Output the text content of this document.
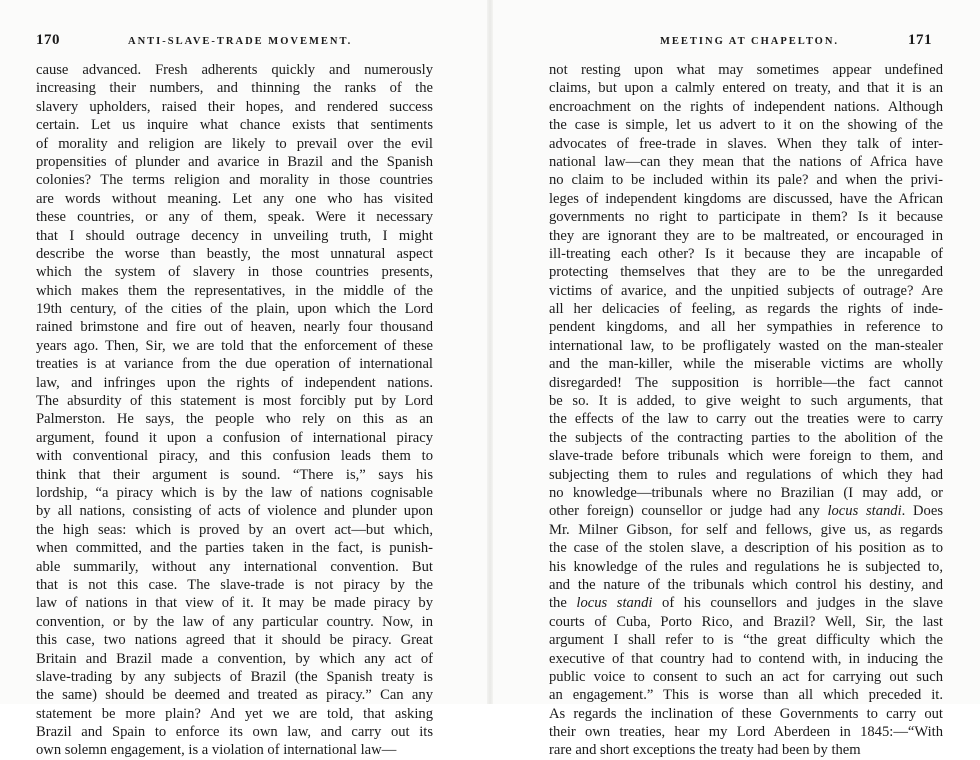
170	ANTI-SLAVE-TRADE MOVEMENT.
cause advanced. Fresh adherents quickly and numerously
increasing their numbers, and thinning the ranks of the
slavery upholders, raised their hopes, and rendered success
certain. Let us inquire what chance exists that sentiments
of morality and religion are likely to prevail over the evil
propensities of plunder and avarice in Brazil and the Spanish
colonies? The terms religion and morality in those countries
are words without meaning. Let any one who has visited
these countries, or any of them, speak. Were it necessary
that I should outrage decency in unveiling truth, I might
describe the worse than beastly, the most unnatural aspect
which the system of slavery in those countries presents,
which makes them the representatives, in the middle of the
19th century, of the cities of the plain, upon which the Lord
rained brimstone and fire out of heaven, nearly four thousand
years ago. Then, Sir, we are told that the enforcement of these
treaties is at variance from the due operation of international
law, and infringes upon the rights of independent nations.
The absurdity of this statement is most forcibly put by Lord
Palmerston. He says, the people who rely on this as an
argument, found it upon a confusion of international piracy
with conventional piracy, and this confusion leads them to
think that their argument is sound. “There is,” says his
lordship, “a piracy which is by the law of nations cognisable
by all nations, consisting of acts of violence and plunder upon
the high seas: which is proved by an overt act—but which,
when committed, and the parties taken in the fact, is punish-
able summarily, without any international convention. But
that is not this case. The slave-trade is not piracy by the
law of nations in that view of it. It may be made piracy by
convention, or by the law of any particular country. Now, in
this case, two nations agreed that it should be piracy. Great
Britain and Brazil made a convention, by which any act of
slave-trading by any subjects of Brazil (the Spanish treaty is
the same) should be deemed and treated as piracy.” Can any
statement be more plain? And yet we are told, that asking
Brazil and Spain to enforce its own law, and carry out its
own solemn engagement, is a violation of international law—
MEETING AT CHAPELTON.	171
not resting upon what may sometimes appear undefined
claims, but upon a calmly entered on treaty, and that it is an
encroachment on the rights of independent nations. Although
the case is simple, let us advert to it on the showing of the
advocates of free-trade in slaves. When they talk of inter-
national law—can they mean that the nations of Africa have
no claim to be included within its pale? and when the privi-
leges of independent kingdoms are discussed, have the African
governments no right to participate in them? Is it because
they are ignorant they are to be maltreated, or encouraged in
ill-treating each other? Is it because they are incapable of
protecting themselves that they are to be the unregarded
victims of avarice, and the unpitied subjects of outrage? Are
all her delicacies of feeling, as regards the rights of inde-
pendent kingdoms, and all her sympathies in reference to
international law, to be profligately wasted on the man-stealer
and the man-killer, while the miserable victims are wholly
disregarded! The supposition is horrible—the fact cannot
be so. It is added, to give weight to such arguments, that
the effects of the law to carry out the treaties were to carry
the subjects of the contracting parties to the abolition of the
slave-trade before tribunals which were foreign to them, and
subjecting them to rules and regulations of which they had
no knowledge—tribunals where no Brazilian (I may add, or
other foreign) counsellor or judge had any locus standi. Does
Mr. Milner Gibson, for self and fellows, give us, as regards
the case of the stolen slave, a description of his position as to
his knowledge of the rules and regulations he is subjected to,
and the nature of the tribunals which control his destiny, and
the locus standi of his counsellors and judges in the slave
courts of Cuba, Porto Rico, and Brazil? Well, Sir, the last
argument I shall refer to is “the great difficulty which the
executive of that country had to contend with, in inducing the
public voice to consent to such an act for carrying out such
an engagement.” This is worse than all which preceded it.
As regards the inclination of these Governments to carry out
their own treaties, hear my Lord Aberdeen in 1845:—“With
rare and short exceptions the treaty had been by them
